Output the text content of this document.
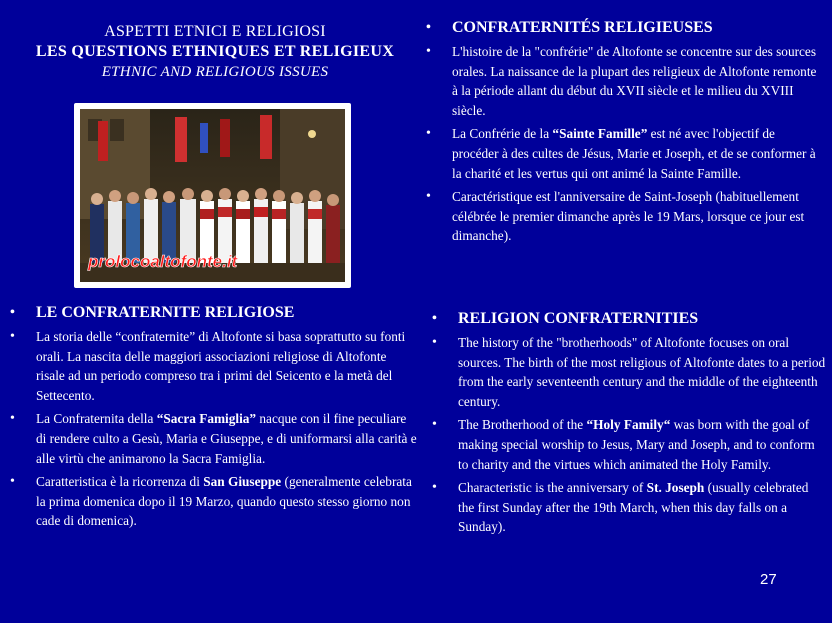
ASPETTI ETNICI E RELIGIOSI
LES QUESTIONS ETHNIQUES ET RELIGIEUX
ETHNIC AND RELIGIOUS ISSUES
prolocoaltofonte.it
• CONFRATERNITÉS RELIGIEUSES
• L'histoire de la "confrérie" de Altofonte se concentre sur des sources orales. La naissance de la plupart des religieux de Altofonte remonte à la période allant du début du XVII siècle et le milieu du XVIII siècle.
• La Confrérie de la “Sainte Famille” est né avec l'objectif de procéder à des cultes de Jésus, Marie et Joseph, et de se conformer à la charité et les vertus qui ont animé la Sainte Famille.
• Caractéristique est l'anniversaire de Saint-Joseph (habituellement célébrée le premier dimanche après le 19 Mars, lorsque ce jour est dimanche).
• LE CONFRATERNITE RELIGIOSE
• La storia delle “confraternite” di Altofonte si basa soprattutto su fonti orali. La nascita delle maggiori associazioni religiose di Altofonte risale ad un periodo compreso tra i primi del Seicento e la metà del Settecento.
• La Confraternita della “Sacra Famiglia” nacque con il fine peculiare di rendere culto a Gesù, Maria e Giuseppe, e di uniformarsi alla carità e alle virtù che animarono la Sacra Famiglia.
• Caratteristica è la ricorrenza di San Giuseppe (generalmente celebrata la prima domenica dopo il 19 Marzo, quando questo stesso giorno non cade di domenica).
• RELIGION CONFRATERNITIES
• The history of the "brotherhoods" of Altofonte focuses on oral sources. The birth of the most religious of Altofonte dates to a period from the early seventeenth century and the middle of the eighteenth century.
• The Brotherhood of the “Holy Family“ was born with the goal of making special worship to Jesus, Mary and Joseph, and to conform to charity and the virtues which animated the Holy Family.
• Characteristic is the anniversary of St. Joseph (usually celebrated the first Sunday after the 19th March, when this day falls on a Sunday).
27
